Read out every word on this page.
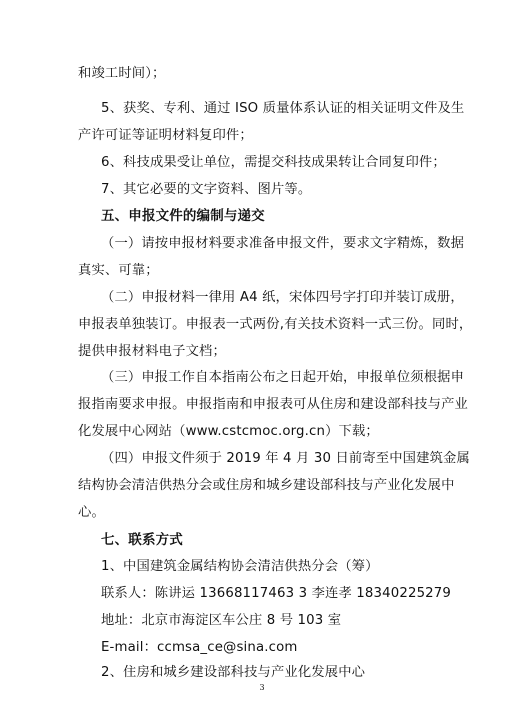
和竣工时间）；
5、获奖、专利、通过 ISO 质量体系认证的相关证明文件及生
产许可证等证明材料复印件；
6、科技成果受让单位，需提交科技成果转让合同复印件；
7、其它必要的文字资料、图片等。
五、申报文件的编制与递交
（一）请按申报材料要求准备申报文件，要求文字精炼，数据
真实、可靠；
（二）申报材料一律用 A4 纸，宋体四号字打印并装订成册，
申报表单独装订。申报表一式两份,有关技术资料一式三份。同时，
提供申报材料电子文档；
（三）申报工作自本指南公布之日起开始，申报单位须根据申
报指南要求申报。申报指南和申报表可从住房和建设部科技与产业
化发展中心网站（www.cstcmoc.org.cn）下载；
（四）申报文件须于 2019 年 4 月 30 日前寄至中国建筑金属
结构协会清洁供热分会或住房和城乡建设部科技与产业化发展中
心。
七、联系方式
1、中国建筑金属结构协会清洁供热分会（筹）
联系人：陈讲运 13668117463 3 李连孝 18340225279
地址：北京市海淀区车公庄 8 号 103 室
E-mail：ccmsa_ce@sina.com
2、住房和城乡建设部科技与产业化发展中心
3
